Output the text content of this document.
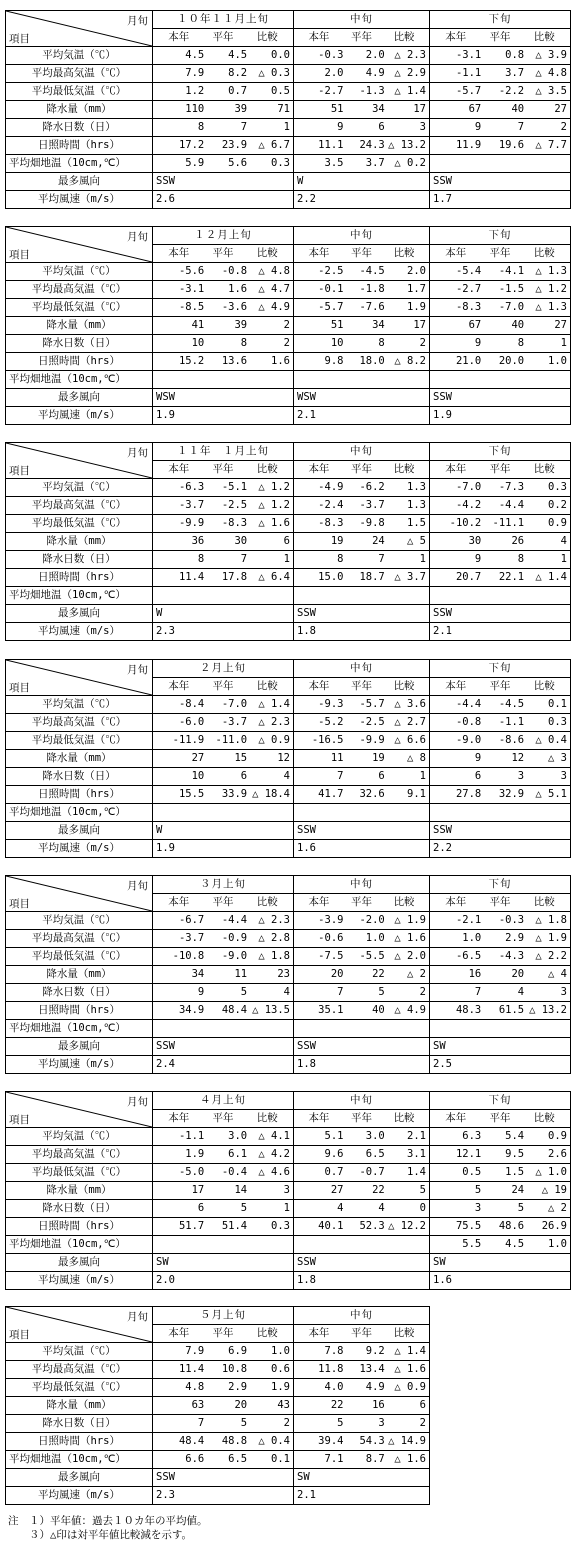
月旬
項目	１０年１１月上旬	中旬	下旬
	本年 平年 比較	本年 平年 比較	本年 平年 比較
平均気温（℃）	4.5 4.5 0.0	-0.3 2.0 △ 2.3	-3.1 0.8 △ 3.9
平均最高気温（℃）	7.9 8.2 △ 0.3	2.0 4.9 △ 2.9	-1.1 3.7 △ 4.8
平均最低気温（℃）	1.2 0.7 0.5	-2.7 -1.3 △ 1.4	-5.7 -2.2 △ 3.5
降水量（mm）	110 39 71	51 34 17	67 40 27
降水日数（日）	8 7 1	9 6 3	9 7 2
日照時間（hrs）	17.2 23.9 △ 6.7	11.1 24.3 △ 13.2	11.9 19.6 △ 7.7
平均畑地温（10cm,℃）	5.9 5.6 0.3	3.5 3.7 △ 0.2	
最多風向	SSW	W	SSW
平均風速（m/s）	2.6	2.2	1.7
月旬
項目	１２月上旬	中旬	下旬
	本年 平年 比較	本年 平年 比較	本年 平年 比較
平均気温（℃）	-5.6 -0.8 △ 4.8	-2.5 -4.5 2.0	-5.4 -4.1 △ 1.3
平均最高気温（℃）	-3.1 1.6 △ 4.7	-0.1 -1.8 1.7	-2.7 -1.5 △ 1.2
平均最低気温（℃）	-8.5 -3.6 △ 4.9	-5.7 -7.6 1.9	-8.3 -7.0 △ 1.3
降水量（mm）	41 39 2	51 34 17	67 40 27
降水日数（日）	10 8 2	10 8 2	9 8 1
日照時間（hrs）	15.2 13.6 1.6	9.8 18.0 △ 8.2	21.0 20.0 1.0
平均畑地温（10cm,℃）			
最多風向	WSW	WSW	SSW
平均風速（m/s）	1.9	2.1	1.9
月旬
項目	１１年　１月上旬	中旬	下旬
	本年 平年 比較	本年 平年 比較	本年 平年 比較
平均気温（℃）	-6.3 -5.1 △ 1.2	-4.9 -6.2 1.3	-7.0 -7.3 0.3
平均最高気温（℃）	-3.7 -2.5 △ 1.2	-2.4 -3.7 1.3	-4.2 -4.4 0.2
平均最低気温（℃）	-9.9 -8.3 △ 1.6	-8.3 -9.8 1.5	-10.2 -11.1 0.9
降水量（mm）	36 30 6	19 24 △ 5	30 26 4
降水日数（日）	8 7 1	8 7 1	9 8 1
日照時間（hrs）	11.4 17.8 △ 6.4	15.0 18.7 △ 3.7	20.7 22.1 △ 1.4
平均畑地温（10cm,℃）			
最多風向	W	SSW	SSW
平均風速（m/s）	2.3	1.8	2.1
月旬
項目	２月上旬	中旬	下旬
	本年 平年 比較	本年 平年 比較	本年 平年 比較
平均気温（℃）	-8.4 -7.0 △ 1.4	-9.3 -5.7 △ 3.6	-4.4 -4.5 0.1
平均最高気温（℃）	-6.0 -3.7 △ 2.3	-5.2 -2.5 △ 2.7	-0.8 -1.1 0.3
平均最低気温（℃）	-11.9 -11.0 △ 0.9	-16.5 -9.9 △ 6.6	-9.0 -8.6 △ 0.4
降水量（mm）	27 15 12	11 19 △ 8	9 12 △ 3
降水日数（日）	10 6 4	7 6 1	6 3 3
日照時間（hrs）	15.5 33.9 △ 18.4	41.7 32.6 9.1	27.8 32.9 △ 5.1
平均畑地温（10cm,℃）			
最多風向	W	SSW	SSW
平均風速（m/s）	1.9	1.6	2.2
月旬
項目	３月上旬	中旬	下旬
	本年 平年 比較	本年 平年 比較	本年 平年 比較
平均気温（℃）	-6.7 -4.4 △ 2.3	-3.9 -2.0 △ 1.9	-2.1 -0.3 △ 1.8
平均最高気温（℃）	-3.7 -0.9 △ 2.8	-0.6 1.0 △ 1.6	1.0 2.9 △ 1.9
平均最低気温（℃）	-10.8 -9.0 △ 1.8	-7.5 -5.5 △ 2.0	-6.5 -4.3 △ 2.2
降水量（mm）	34 11 23	20 22 △ 2	16 20 △ 4
降水日数（日）	9 5 4	7 5 2	7 4 3
日照時間（hrs）	34.9 48.4 △ 13.5	35.1 40 △ 4.9	48.3 61.5 △ 13.2
平均畑地温（10cm,℃）			
最多風向	SSW	SSW	SW
平均風速（m/s）	2.4	1.8	2.5
月旬
項目	４月上旬	中旬	下旬
	本年 平年 比較	本年 平年 比較	本年 平年 比較
平均気温（℃）	-1.1 3.0 △ 4.1	5.1 3.0 2.1	6.3 5.4 0.9
平均最高気温（℃）	1.9 6.1 △ 4.2	9.6 6.5 3.1	12.1 9.5 2.6
平均最低気温（℃）	-5.0 -0.4 △ 4.6	0.7 -0.7 1.4	0.5 1.5 △ 1.0
降水量（mm）	17 14 3	27 22 5	5 24 △ 19
降水日数（日）	6 5 1	4 4 0	3 5 △ 2
日照時間（hrs）	51.7 51.4 0.3	40.1 52.3 △ 12.2	75.5 48.6 26.9
平均畑地温（10cm,℃）			5.5 4.5 1.0
最多風向	SW	SSW	SW
平均風速（m/s）	2.0	1.8	1.6
月旬
項目	５月上旬	中旬
	本年 平年 比較	本年 平年 比較
平均気温（℃）	7.9 6.9 1.0	7.8 9.2 △ 1.4
平均最高気温（℃）	11.4 10.8 0.6	11.8 13.4 △ 1.6
平均最低気温（℃）	4.8 2.9 1.9	4.0 4.9 △ 0.9
降水量（mm）	63 20 43	22 16 6
降水日数（日）	7 5 2	5 3 2
日照時間（hrs）	48.4 48.8 △ 0.4	39.4 54.3 △ 14.9
平均畑地温（10cm,℃）	6.6 6.5 0.1	7.1 8.7 △ 1.6
最多風向	SSW	SW
平均風速（m/s）	2.3	2.1
注　１）平年値：過去１０カ年の平均値。
　　３）△印は対平年値比較減を示す。
